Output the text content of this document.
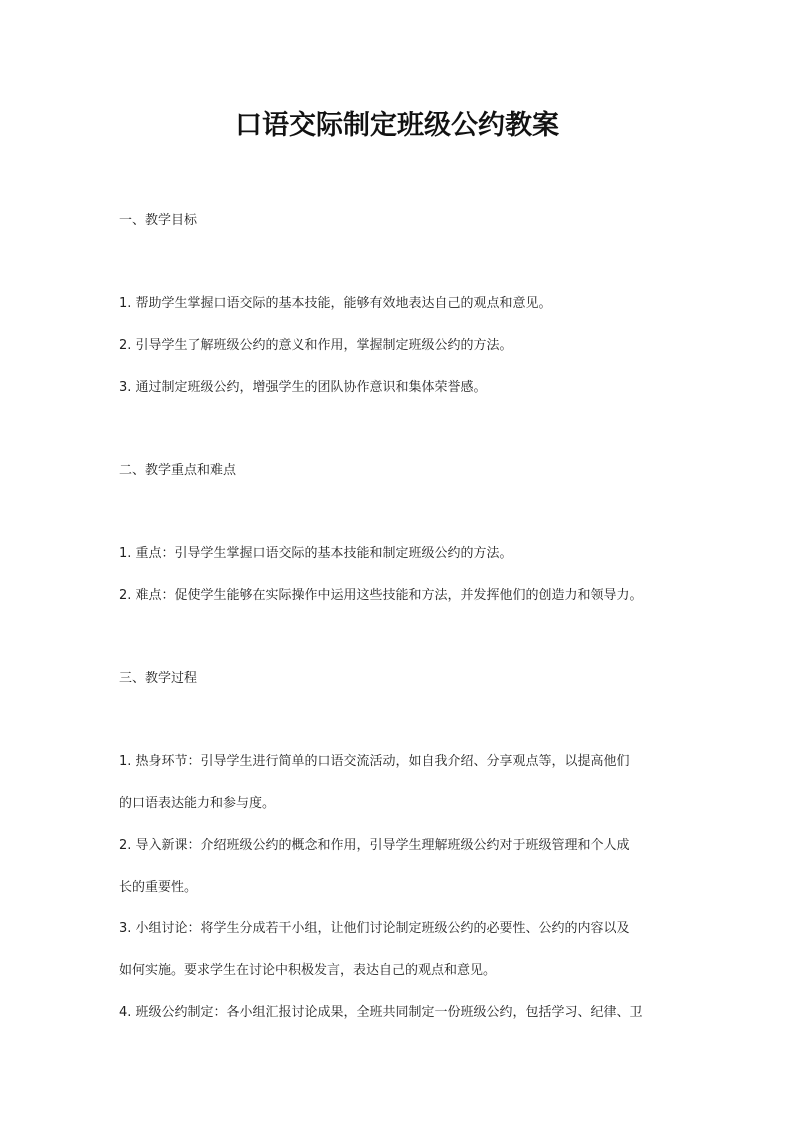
口语交际制定班级公约教案
一、教学目标
1. 帮助学生掌握口语交际的基本技能，能够有效地表达自己的观点和意见。
2. 引导学生了解班级公约的意义和作用，掌握制定班级公约的方法。
3. 通过制定班级公约，增强学生的团队协作意识和集体荣誉感。
二、教学重点和难点
1. 重点：引导学生掌握口语交际的基本技能和制定班级公约的方法。
2. 难点：促使学生能够在实际操作中运用这些技能和方法，并发挥他们的创造力和领导力。
三、教学过程
1. 热身环节：引导学生进行简单的口语交流活动，如自我介绍、分享观点等，以提高他们
的口语表达能力和参与度。
2. 导入新课：介绍班级公约的概念和作用，引导学生理解班级公约对于班级管理和个人成
长的重要性。
3. 小组讨论：将学生分成若干小组，让他们讨论制定班级公约的必要性、公约的内容以及
如何实施。要求学生在讨论中积极发言，表达自己的观点和意见。
4. 班级公约制定：各小组汇报讨论成果，全班共同制定一份班级公约，包括学习、纪律、卫
